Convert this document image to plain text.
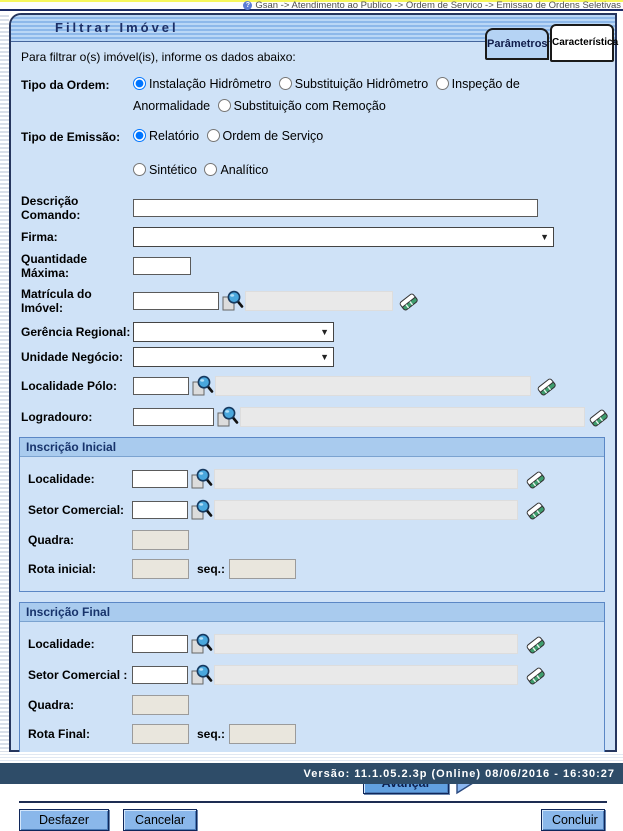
? Gsan -> Atendimento ao Publico -> Ordem de Servico -> Emissao de Ordens Seletivas
Filtrar Imóvel
Parâmetros Característica
Para filtrar o(s) imóvel(is), informe os dados abaixo:
Tipo da Ordem:	Instalação Hidrômetro Substituição Hidrômetro Inspeção de Anormalidade Substituição com Remoção
Tipo de Emissão:	Relatório Ordem de Serviço
Sintético Analítico
Descrição Comando:
Firma:	▼
Quantidade Máxima:
Matrícula do Imóvel:
Gerência Regional:	▼
Unidade Negócio:	▼
Localidade Pólo:
Logradouro:
Inscrição Inicial
Localidade:
Setor Comercial:
Quadra:
Rota inicial:	seq.:
Inscrição Final
Localidade:
Setor Comercial :
Quadra:
Rota Final:	seq.:
Desfazer	Cancelar	Concluir
Versão: 11.1.05.2.3p (Online) 08/06/2016 - 16:30:27
